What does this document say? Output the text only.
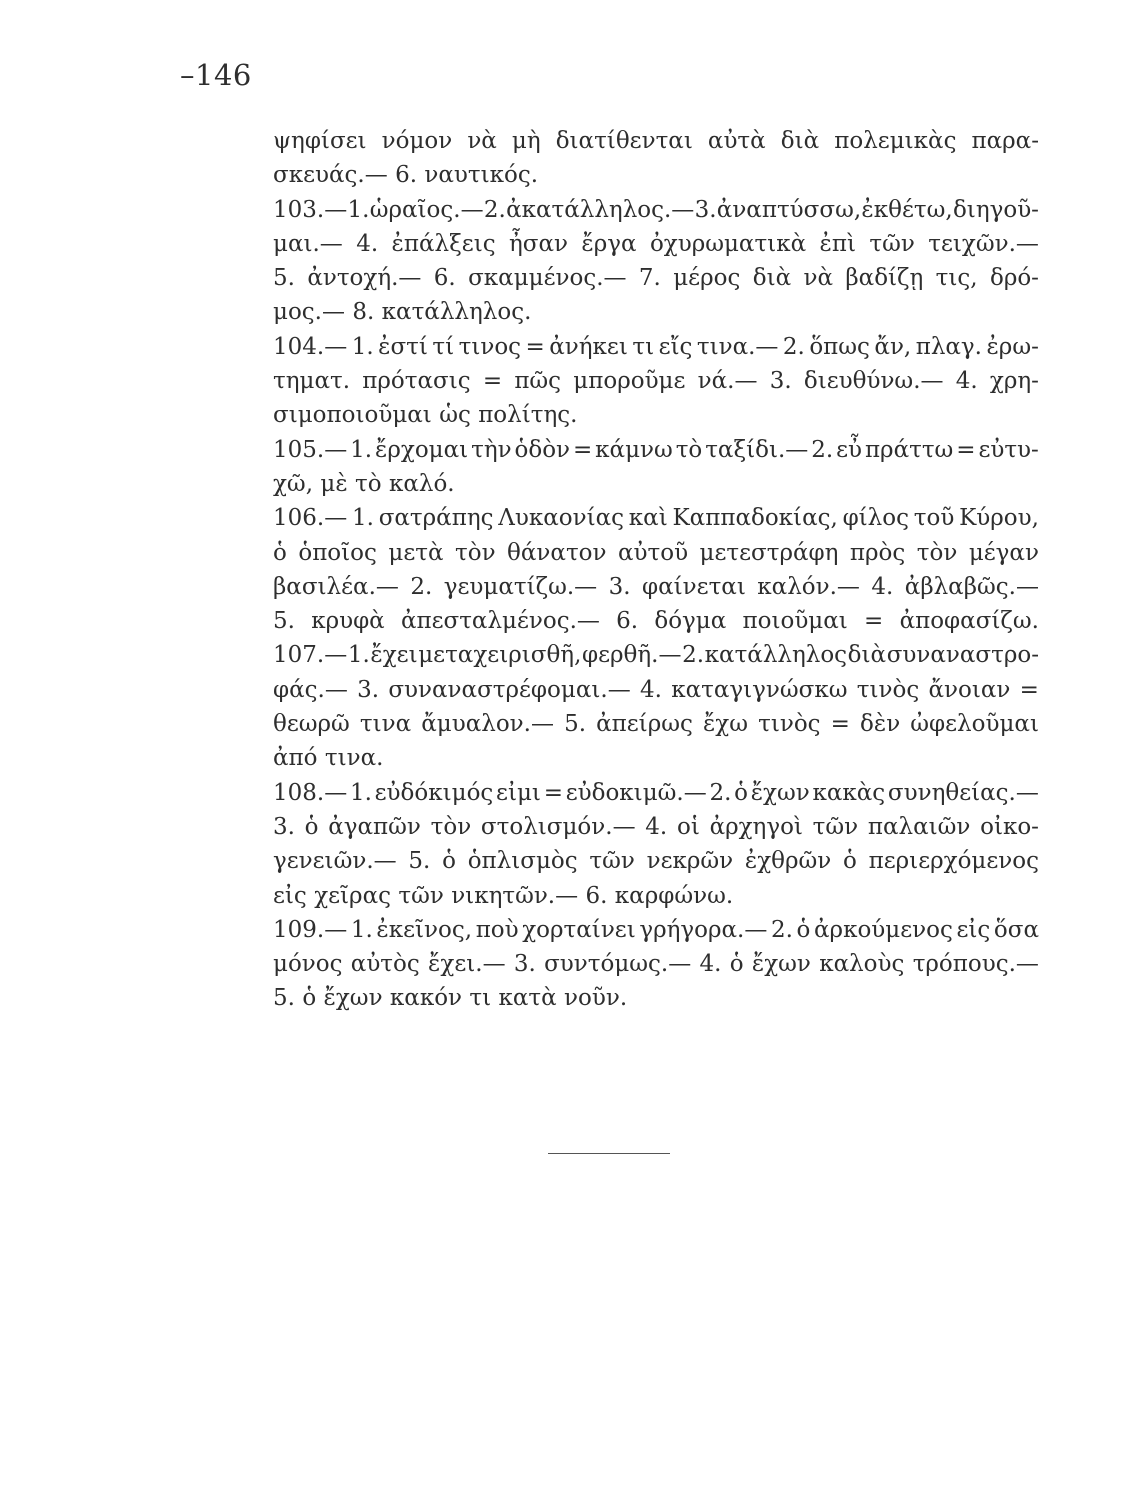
–146
ψηφίσει νόμον νὰ μὴ διατίθενται αὐτὰ διὰ πολεμικὰς παρα-
σκευάς.— 6. ναυτικός.
103.— 1. ὡραῖος.— 2. ἀκατάλληλος.— 3. ἀναπτύσσω, ἐκθέτω, διηγοῦ-
μαι.— 4. ἐπάλξεις ἦσαν ἔργα ὀχυρωματικὰ ἐπὶ τῶν τειχῶν.—
5. ἀντοχή.— 6. σκαμμένος.— 7. μέρος διὰ νὰ βαδίζῃ τις, δρό-
μος.— 8. κατάλληλος.
104.— 1. ἐστί τί τινος = ἀνήκει τι εἴς τινα.— 2. ὅπως ἄν, πλαγ. ἐρω-
τηματ. πρότασις = πῶς μποροῦμε νά.— 3. διευθύνω.— 4. χρη-
σιμοποιοῦμαι ὡς πολίτης.
105.— 1. ἔρχομαι τὴν ὁδὸν = κάμνω τὸ ταξίδι.— 2. εὖ πράττω = εὐτυ-
χῶ, μὲ τὸ καλό.
106.— 1. σατράπης Λυκαονίας καὶ Καππαδοκίας, φίλος τοῦ Κύρου,
ὁ ὁποῖος μετὰ τὸν θάνατον αὐτοῦ μετεστράφη πρὸς τὸν μέγαν
βασιλέα.— 2. γευματίζω.— 3. φαίνεται καλόν.— 4. ἀβλαβῶς.—
5. κρυφὰ ἀπεσταλμένος.— 6. δόγμα ποιοῦμαι = ἀποφασίζω.
107.— 1. ἔχει μεταχειρισθῆ, φερθῆ.— 2. κατάλληλος διὰ συναναστρο-
φάς.— 3. συναναστρέφομαι.— 4. καταγιγνώσκω τινὸς ἄνοιαν =
θεωρῶ τινα ἄμυαλον.— 5. ἀπείρως ἔχω τινὸς = δὲν ὠφελοῦμαι
ἀπό τινα.
108.— 1. εὐδόκιμός εἰμι = εὐδοκιμῶ.— 2. ὁ ἔχων κακὰς συνηθείας.—
3. ὁ ἀγαπῶν τὸν στολισμόν.— 4. οἱ ἀρχηγοὶ τῶν παλαιῶν οἰκο-
γενειῶν.— 5. ὁ ὁπλισμὸς τῶν νεκρῶν ἐχθρῶν ὁ περιερχόμενος
εἰς χεῖρας τῶν νικητῶν.— 6. καρφώνω.
109.— 1. ἐκεῖνος, ποὺ χορταίνει γρήγορα.— 2. ὁ ἀρκούμενος εἰς ὅσα
μόνος αὐτὸς ἔχει.— 3. συντόμως.— 4. ὁ ἔχων καλοὺς τρόπους.—
5. ὁ ἔχων κακόν τι κατὰ νοῦν.
